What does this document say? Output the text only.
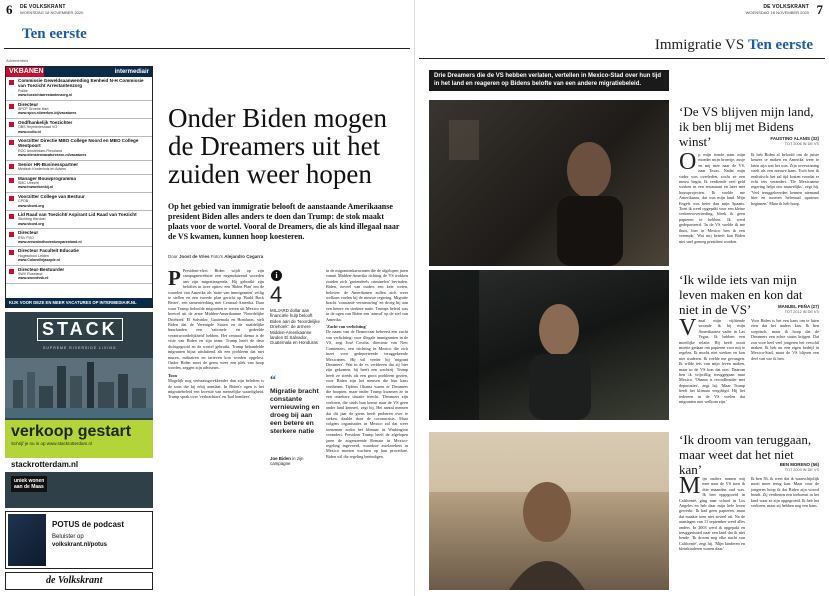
6 DE VOLKSKRANT
WOENSDAG 18 NOVEMBER 2020
Ten eerste
Advertenties
VKBANEN	intermediair
Commissie Geweldsaanwending Eenheid N-H Commissie van Toezicht Arrestantenzorg
Politie
www.toezichtarrestantenzorg.nl
Directeur
SPCP Groene Hart
www.spcn.nl/werken-bij/vacatures
Ondfhankelijk Toezichter
OBS Heymeriesraad VO
www.ccdlo.nl
Voorzitter Directie MBO College Noord en MBO College Westpoort
ROC Amsterdam-Flevoland
www.dienstenvacaturesroc.nl/vacatures
Senior HR-Businesspartner
Medisch Kinderhuis en Advies
Manager Bouwprogramma
SMC Utrecht
www.hwwerkenbij.nl
Voorzitter College van Bestuur
CPOB
www.vbord.org
Lid Raad van Toezicht/ Aspirant Lid Raad van Toezicht
Stichting Herdoel
www.vbord.org
Directeur
RSV PVO
www.zeeuwindhovenkenparenland.nl
Directeur Faculteit Educatie
Hogeschool Leiden
www.Colonellejaseple.nl
Directeur-Bestuurder
SWV Ruseland
www.swvvdvsk.nl
KIJK VOOR DEZE EN MEER VACATURES OP INTERMEDIAIR.NL
STACK
SUPREME RIVERSIDE LIVING
verkoop gestart
Schrijf je nu in op www.stackrotterdam.nl
stackrotterdam.nl
uniek wonen
aan de Maas
POTUS de podcast
Beluister op
volkskrant.nl/potus
de Volkskrant
Onder Biden mogen de Dreamers uit het zuiden weer hopen
Op het gebied van immigratie belooft de aanstaande Amerikaanse president Biden alles anders te doen dan Trump: de stok maakt plaats voor de wortel. Vooral de Dreamers, die als kind illegaal naar de VS kwamen, kunnen hoop koesteren.
Door Joost de Vries Foto's Alejandro Cegarra
P President-elect Biden wijdt op zijn campagnewebsite een negenduizend woorden aan zijn migratieagenda. Hij gebruikt zijn beloften in twee opties: een 'Biden Plan' om de waarden van Amerika als 'natie van immigranten' veilig te stellen en een tweede plan gericht op 'Build Back Better', een samenwerking met Centraal-Amerika. Daar waar Trump beloofde migranten te weren uit Mexico en hoewel uit de arme Midden-Amerikaanse 'Noordelijke Driehoek' El Salvador, Guatemala en Honduras, stelt Biden dat de Verenigde Staten en de naaldelijke buurlanden een 'rationele en gedeelde verantwoordelijkheid' hebben. Het centraal thema is de visie van Biden en zijn team: Trump heeft de deur dichtgegooid en de wortel gebruikt. Trump behandelde migranten bijna uitsluitend als een probleem dat met muren, militairen en tarieven kon worden opgelost. Onder Biden moet de grens weer een plek van hoop worden, zeggen zijn adviseurs.
Toon
Mogelijk nog verbazingwekkender dan zijn beloften is de toon die hij erbij aanslaat. In Biden's ogen is het migratiebeleid een kwestie van menselijke waardigheid. Trump sprak over 'verkrachters' en 'bad hombres'.
i
4
MILJARD dollar aan financiële hulp belooft Biden aan de 'Noordelijke Driehoek': de armere Midden-Amerikaanse landen El Salvador, Guatemala en Honduras
“
Migratie bracht constante vernieuwing en droeg bij aan een betere en sterkere natie
Joe Biden in zijn campagne
in de migrantenkaravanen die de afgelopen jaren vanuit Midden-Amerika richting de VS trokken zouden zich 'grotendeels criminelen' bevinden. Biden, zoveel van ouders een keer weten, beloven: de Amerikanen zullen zich weer welkom voelen bij de nieuwe regering. Migratie bracht 'constante vernieuwing' en droeg bij aan een betere en sterkere natie. Trumps beleid was in de ogen van Biden een 'aanval' op de ziel van Amerika.
'Zacht van verlichting'
De naam van de Democraat beheerst een zucht van verlichting: voor illegale immigranten in de VS, zegt José Coscha, directeur van New Comienzos, een stichting in Mexico die zich inzet voor gedeporteerde teruggekeerde Mexicanen. Hij wil verder bij 'migrant Dreamers'. Wat in de vs verbleven dat zij hier zijn gekomen, hij heeft een wachtrij. Trump heeft ze steeds als een groot probleem gezien, voor Biden zijn het mensen die hun kans verdienen. Tijdens Obama waren er Dreamers die hoopten, maar onder Trump kwamen ze in een onzekere situatie terecht. 'Dreamers zijn verloren, die sinds hun komst naar de VS geen ander land kennen', zegt hij. Het aantal mensen dat dit jaar de grens heeft proberen over te steken, daalde door de coronacrisis. Maar volgens organisaties in Mexico zal dat weer toenemen zodra het klimaat in Washington verandert. President Trump heeft de afgelopen jaren de zogenoemde Remain in Mexico-regeling ingevoerd, waardoor asielzoekers in Mexico moeten wachten op hun procedure. Biden wil die regeling beëindigen.
DE VOLKSKRANT
WOENSDAG 18 NOVEMBER 2020 7
Immigratie VS Ten eerste
Drie Dreamers die de VS hebben verlaten, vertellen in Mexico-Stad over hun tijd in het land en reageren op Bidens belofte van een andere migratiebeleid.
‘De VS blijven mijn land, ik ben blij met Bidens winst’	FAUSTINO ALANIS (32)
TOT 2006 IN DE VS
Op mijn tiende nam mijn moeder mijn broertje, zusje en mij mee naar de VS, naar Texas. Nadat mijn vader was overleden, zocht ze een nieuw begin. Ik verdiende veel geld werken in een restaurant en later met bouwprojecten. Ik voelde me Amerikaans, dat was mijn land. Mijn Engels was beter dan mijn Spaans. Toen ik werd opgepakt voor een kleine verkeersovertreding, bleek ik geen papieren te hebben. Ik werd gedeporteerd. 'In de VS voelde ik me thuis, hier in Mexico ben ik een vreemde.' Wat mij betreft kan Biden niet snel genoeg president worden.
Ik heb Biden al beloofd om de juiste keuzes te maken en Amerika weer te laten zijn wat het was. Zijn overwinning voelt als een nieuwe kans. Toch ben ik realistisch: het zal tijd kosten voordat er echt iets verandert. 'De Mexicaanse regering helpt ons nauwelijks', zegt hij. 'Veel teruggekeerden kennen niemand hier en moeten helemaal opnieuw beginnen.' Maar ik heb hoop.
‘Ik wilde iets van mijn leven maken en kon dat niet in de VS’	MANUEL PEÑA (27)
TOT 2012 IN DE VS
Vanaf mijn vijftiende woonde ik bij mijn Amerikaanse vader in Las Vegas. Ik hebben een moeilijke relatie. Hij heeft nooit moeite gedaan om papieren voor mij te regelen. Ik mocht niet werken en kon niet studeren. Ik voelde me gevangen. Ik wilde iets van mijn leven maken, maar in de VS kon dat niet. Daarom ben ik vrijwillig teruggegaan naar Mexico. 'Obama is recordhouder met deportaties', zegt hij. 'Maar Trump heeft het klimaat vergiftigd. Hij liet iedereen in de VS voelen dat migranten niet welkom zijn.'
Voor Biden is het een kans om te laten zien dat het anders kan. Ik ben sceptisch, maar ik hoop dat de Dreamers een echte status krijgen. Dat zou voor heel veel jongeren het verschil maken. Ik heb nu een eigen bedrijf in Mexico-Stad, maar de VS blijven een deel van wie ik ben.
‘Ik droom van teruggaan, maar weet dat het niet kan’	BEN MORENO (56)
TOT 2003 IN DE VS
Mijn ouders namen mij mee naar de VS toen ik drie maanden oud was. Ik ben opgegroeid in Californië, ging naar school in Los Angeles en heb daar mijn hele leven gewerkt. Ik had geen papieren, maar dat maakte toen niet zoveel uit. Na de aanslagen van 11 september werd alles anders. In 2003 werd ik opgepakt en teruggestuurd naar een land dat ik niet kende. 'Ik droom nog elke nacht van Californië', zegt hij. 'Mijn kinderen en kleinkinderen wonen daar.'
Ik ben 56, ik weet dat ik waarschijnlijk nooit meer terug kan. Maar voor de jongeren hoop ik dat Biden zijn woord houdt. Zij verdienen een toekomst in het land waar ze zijn opgegroeid. Ik heb het verloren, maar zij hebben nog een kans.
